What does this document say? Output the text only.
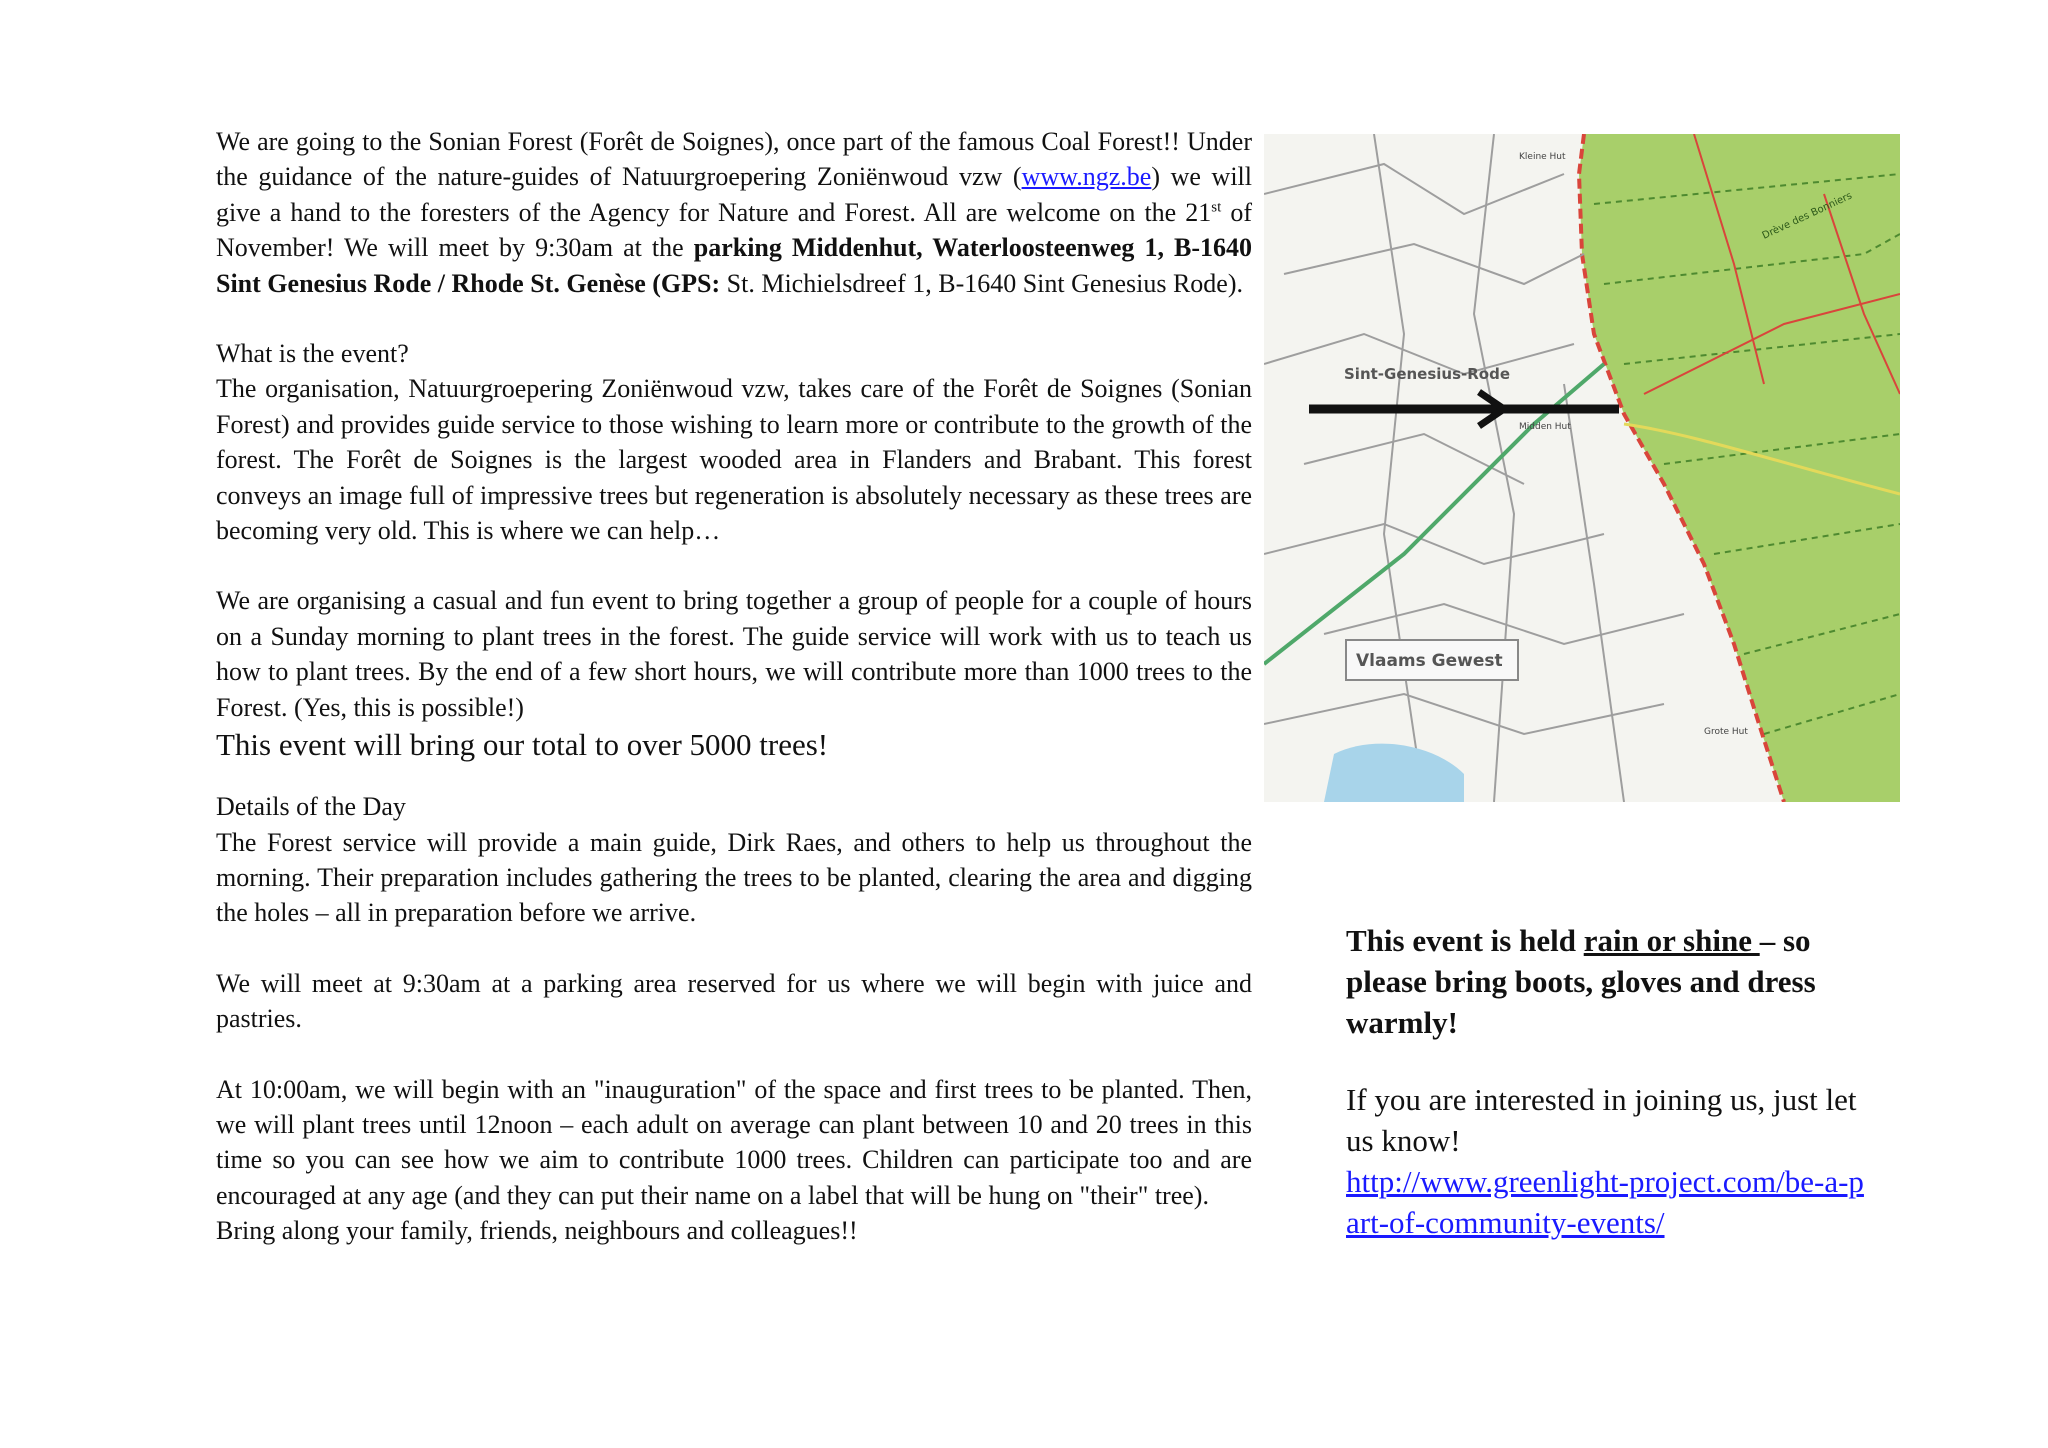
We are going to the Sonian Forest (Forêt de Soignes), once part of the famous Coal Forest!! Under the guidance of the nature-guides of Natuurgroepering Zoniënwoud vzw (www.ngz.be) we will give a hand to the foresters of the Agency for Nature and Forest. All are welcome on the 21st of November! We will meet by 9:30am at the parking Middenhut, Waterloosteenweg 1, B-1640 Sint Genesius Rode / Rhode St. Genèse (GPS: St. Michielsdreef 1, B-1640 Sint Genesius Rode).

What is the event?

The organisation, Natuurgroepering Zoniënwoud vzw, takes care of the Forêt de Soignes (Sonian Forest) and provides guide service to those wishing to learn more or contribute to the growth of the forest. The Forêt de Soignes is the largest wooded area in Flanders and Brabant. This forest conveys an image full of impressive trees but regeneration is absolutely necessary as these trees are becoming very old. This is where we can help…

We are organising a casual and fun event to bring together a group of people for a couple of hours on a Sunday morning to plant trees in the forest. The guide service will work with us to teach us how to plant trees. By the end of a few short hours, we will contribute more than 1000 trees to the Forest. (Yes, this is possible!)

This event will bring our total to over 5000 trees!

Details of the Day

The Forest service will provide a main guide, Dirk Raes, and others to help us throughout the morning. Their preparation includes gathering the trees to be planted, clearing the area and digging the holes – all in preparation before we arrive.

We will meet at 9:30am at a parking area reserved for us where we will begin with juice and pastries.

At 10:00am, we will begin with an "inauguration" of the space and first trees to be planted. Then, we will plant trees until 12noon – each adult on average can plant between 10 and 20 trees in this time so you can see how we aim to contribute 1000 trees. Children can participate too and are encouraged at any age (and they can put their name on a label that will be hung on "their" tree).

Bring along your family, friends, neighbours and colleagues!!

Sint-Genesius-Rode
Midden Hut
Kleine Hut
Grote Hut
Drève des Bonniers
Vlaams Gewest

This event is held rain or shine – so please bring boots, gloves and dress warmly!

If you are interested in joining us, just let us know!

http://www.greenlight-project.com/be-a-part-of-community-events/
